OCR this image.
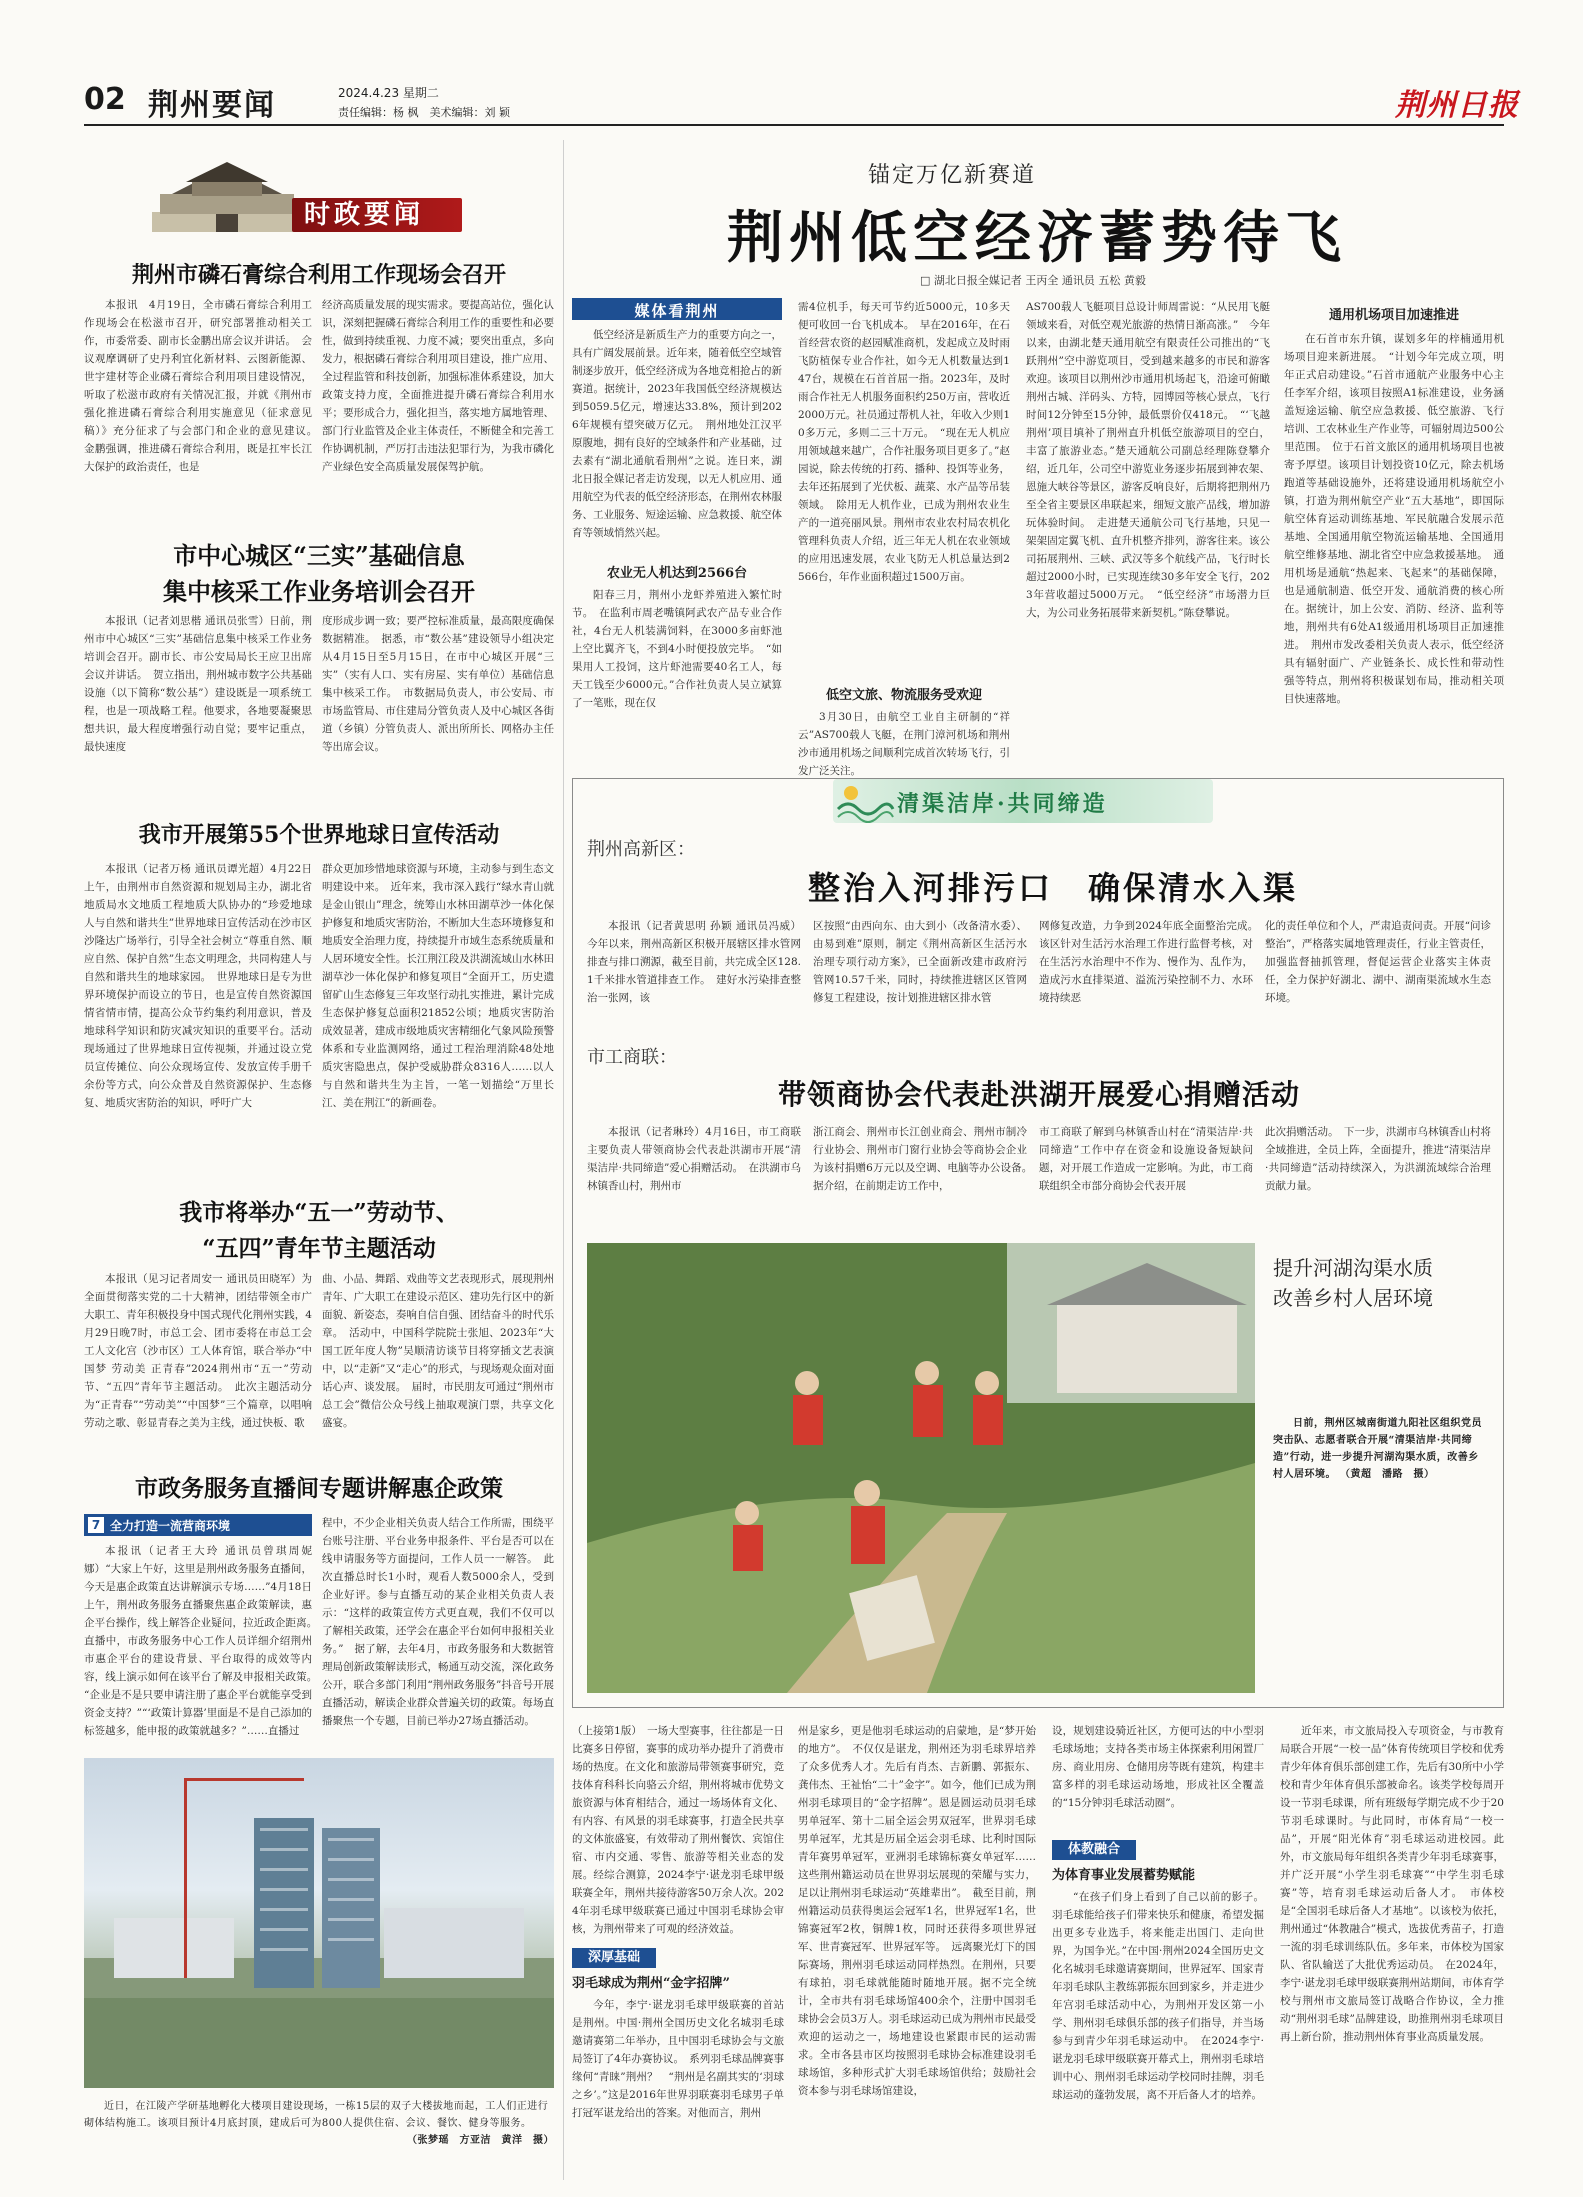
02 荆州要闻	2024.4.23 星期二
责任编辑：杨 枫　美术编辑：刘 颖	荆州日报
时政要闻
荆州市磷石膏综合利用工作现场会召开

本报讯　4月19日，全市磷石膏综合利用工作现场会在松滋市召开，研究部署推动相关工作，市委常委、副市长金鹏出席会议并讲话。　会议观摩调研了史丹利宜化新材料、云图新能源、世宇建材等企业磷石膏综合利用项目建设情况，听取了松滋市政府有关情况汇报，并就《荆州市强化推进磷石膏综合利用实施意见（征求意见稿）》充分征求了与会部门和企业的意见建议。　金鹏强调，推进磷石膏综合利用，既是扛牢长江大保护的政治责任，也是

经济高质量发展的现实需求。要提高站位，强化认识，深刻把握磷石膏综合利用工作的重要性和必要性，做到持续重视、力度不减；要突出重点，多向发力，根据磷石膏综合利用项目建设，推广应用、全过程监管和科技创新，加强标准体系建设，加大政策支持力度，全面推进提升磷石膏综合利用水平；要形成合力，强化担当，落实地方属地管理、部门行业监管及企业主体责任，不断健全和完善工作协调机制，严厉打击违法犯罪行为，为我市磷化产业绿色安全高质量发展保驾护航。

市中心城区“三实”基础信息
集中核采工作业务培训会召开

本报讯（记者刘思楷 通讯员张雪）日前，荆州市中心城区“三实”基础信息集中核采工作业务培训会召开。副市长、市公安局局长王应卫出席会议并讲话。　贺立指出，荆州城市数字公共基础设施（以下简称“数公基”）建设既是一项系统工程，也是一项战略工程。他要求，各地要凝聚思想共识，最大程度增强行动自觉；要牢记重点，最快速度

度形成步调一致；要严控标准质量，最高限度确保数据精准。　据悉，市“数公基”建设领导小组决定从4月15日至5月15日，在市中心城区开展“三实”（实有人口、实有房屋、实有单位）基础信息集中核采工作。　市数据局负责人，市公安局、市市场监管局、市住建局分管负责人及中心城区各街道（乡镇）分管负责人、派出所所长、网格办主任等出席会议。

我市开展第55个世界地球日宣传活动

本报讯（记者万杨 通讯员谭光超）4月22日上午，由荆州市自然资源和规划局主办，湖北省地质局水文地质工程地质大队协办的“珍爱地球 人与自然和谐共生”世界地球日宣传活动在沙市区沙隆达广场举行，引导全社会树立“尊重自然、顺应自然、保护自然”生态文明理念，共同构建人与自然和谐共生的地球家园。　世界地球日是专为世界环境保护而设立的节日，也是宣传自然资源国情省情市情，提高公众节约集约利用意识，普及地球科学知识和防灾减灾知识的重要平台。活动现场通过了世界地球日宣传视频，并通过设立党员宣传摊位、向公众现场宣传、发放宣传手册千余份等方式，向公众普及自然资源保护、生态修复、地质灾害防治的知识，呼吁广大

群众更加珍惜地球资源与环境，主动参与到生态文明建设中来。　近年来，我市深入践行“绿水青山就是金山银山”理念，统筹山水林田湖草沙一体化保护修复和地质灾害防治，不断加大生态环境修复和地质安全治理力度，持续提升市域生态系统质量和人居环境安全性。长江荆江段及洪湖流域山水林田湖草沙一体化保护和修复项目“全面开工，历史遗留矿山生态修复三年攻坚行动扎实推进，累计完成生态保护修复总面积21852公顷；地质灾害防治成效显著，建成市级地质灾害精细化气象风险预警体系和专业监测网络，通过工程治理消除48处地质灾害隐患点，保护受威胁群众8316人……以人与自然和谐共生为主旨，一笔一划描绘“万里长江、美在荆江”的新画卷。

我市将举办“五一”劳动节、
“五四”青年节主题活动

本报讯（见习记者周安一 通讯员田晓军）为全面贯彻落实党的二十大精神，团结带领全市广大职工、青年积极投身中国式现代化荆州实践，4月29日晚7时，市总工会、团市委将在市总工会工人文化宫（沙市区）工人体育馆，联合举办“中国梦 劳动美 正青春”2024荆州市“五一”劳动节、“五四”青年节主题活动。　此次主题活动分为“正青春”“劳动美”“中国梦”三个篇章，以唱响劳动之歌、彰显青春之美为主线，通过快板、歌

曲、小品、舞蹈、戏曲等文艺表现形式，展现荆州青年、广大职工在建设示范区、建功先行区中的新面貌、新姿态，奏响自信自强、团结奋斗的时代乐章。　活动中，中国科学院院士张旭、2023年“大国工匠年度人物”吴顺清访谈节目将穿插文艺表演中，以“走新”又“走心”的形式，与现场观众面对面话心声、谈发展。　届时，市民朋友可通过“荆州市总工会”微信公众号线上抽取观演门票，共享文化盛宴。

市政务服务直播间专题讲解惠企政策
7 全力打造一流营商环境

本报讯（记者王大玲 通讯员曾琪周妮娜）“大家上午好，这里是荆州政务服务直播间，今天是惠企政策直达讲解演示专场……”4月18日上午，荆州政务服务直播聚焦惠企政策解读，惠企平台操作，线上解答企业疑问，拉近政企距离。　直播中，市政务服务中心工作人员详细介绍荆州市惠企平台的建设背景、平台取得的成效等内容，线上演示如何在该平台了解及申报相关政策。　“企业是不是只要申请注册了惠企平台就能享受到资金支持？”“‘政策计算器’里面是不是自己添加的标签越多，能申报的政策就越多？”……直播过

程中，不少企业相关负责人结合工作所需，围绕平台账号注册、平台业务申报条件、平台是否可以在线申请服务等方面提问，工作人员一一解答。　此次直播总时长1小时，观看人数5000余人，受到企业好评。参与直播互动的某企业相关负责人表示：“这样的政策宣传方式更直观，我们不仅可以了解相关政策，还学会在惠企平台如何申报相关业务。”　据了解，去年4月，市政务服务和大数据管理局创新政策解读形式，畅通互动交流，深化政务公开，联合多部门利用“荆州政务服务”抖音号开展直播活动，解读企业群众普遍关切的政策。每场直播聚焦一个专题，目前已举办27场直播活动。

近日，在江陵产学研基地孵化大楼项目建设现场，一栋15层的双子大楼拔地而起，工人们正进行砌体结构施工。该项目预计4月底封顶，建成后可为800人提供住宿、会议、餐饮、健身等服务。
（张梦瑶　方亚洁　黄洋　摄）
锚定万亿新赛道
荆州低空经济蓄势待飞
□ 湖北日报全媒记者 王丙全 通讯员 五松 黄毅
媒体看荆州

低空经济是新质生产力的重要方向之一，具有广阔发展前景。近年来，随着低空空域管制逐步放开，低空经济成为各地竞相抢占的新赛道。据统计，2023年我国低空经济规模达到5059.5亿元，增速达33.8%，预计到2026年规模有望突破万亿元。　荆州地处江汉平原腹地，拥有良好的空域条件和产业基础，过去素有“湖北通航看荆州”之说。连日来，湖北日报全媒记者走访发现，以无人机应用、通用航空为代表的低空经济形态，在荆州农林服务、工业服务、短途运输、应急救援、航空体育等领域悄然兴起。

农业无人机达到2566台

阳春三月，荆州小龙虾养殖进入繁忙时节。　在监利市周老嘴镇阿武农产品专业合作社，4台无人机装满饲料，在3000多亩虾池上空比翼齐飞，不到4小时便投放完毕。　“如果用人工投饲，这片虾池需要40名工人，每天工钱至少6000元。”合作社负责人吴立斌算了一笔账，现在仅

需4位机手，每天可节约近5000元，10多天便可收回一台飞机成本。　早在2016年，在石首经营农资的赵园赋准商机，发起成立及时雨飞防植保专业合作社，如今无人机数量达到147台，规模在石首首屈一指。2023年，及时雨合作社无人机服务面积约250万亩，营收近2000万元。社员通过帮机人社，年收入少则10多万元，多则二三十万元。　“现在无人机应用领域越来越广，合作社服务项目更多了。”赵园说，除去传统的打药、播种、投饵等业务，去年还拓展到了光伏板、蔬菜、水产品等吊装领域。　除用无人机作业，已成为荆州农业生产的一道亮丽风景。荆州市农业农村局农机化管理科负责人介绍，近三年无人机在农业领域的应用迅速发展，农业飞防无人机总量达到2566台，年作业面积超过1500万亩。

低空文旅、物流服务受欢迎

3月30日，由航空工业自主研制的“祥云”AS700载人飞艇，在荆门漳河机场和荆州沙市通用机场之间顺利完成首次转场飞行，引发广泛关注。

AS700载人飞艇项目总设计师周雷说：“从民用飞艇领域来看，对低空观光旅游的热情日渐高涨。”　今年以来，由湖北楚天通用航空有限责任公司推出的“飞跃荆州”空中游览项目，受到越来越多的市民和游客欢迎。该项目以荆州沙市通用机场起飞，沿途可俯瞰荆州古城、洋码头、方特，园博园等核心景点，飞行时间12分钟至15分钟，最低票价仅418元。　“‘飞越荆州’项目填补了荆州直升机低空旅游项目的空白，丰富了旅游业态。”楚天通航公司副总经理陈登攀介绍，近几年，公司空中游览业务逐步拓展到神农架、恩施大峡谷等景区，游客反响良好，后期将把荆州乃至全省主要景区串联起来，细短文旅产品线，增加游玩体验时间。　走进楚天通航公司飞行基地，只见一架架固定翼飞机、直升机整齐排列，游客往来。该公司拓展荆州、三峡、武汉等多个航线产品，飞行时长超过2000小时，已实现连续30多年安全飞行，2023年营收超过5000万元。　“低空经济”市场潜力巨大，为公司业务拓展带来新契机。”陈登攀说。

通用机场项目加速推进

在石首市东升镇，谋划多年的梓楠通用机场项目迎来新进展。　“计划今年完成立项，明年正式启动建设。”石首市通航产业服务中心主任李军介绍，该项目按照A1标准建设，业务涵盖短途运输、航空应急救援、低空旅游、飞行培训、工农林业生产作业等，可辐射周边500公里范围。　位于石首文旅区的通用机场项目也被寄予厚望。该项目计划投资10亿元，除去机场跑道等基础设施外，还将建设通用机场航空小镇，打造为荆州航空产业“五大基地”，即国际航空体育运动训练基地、军民航融合发展示范基地、全国通用航空物流运输基地、全国通用航空维修基地、湖北省空中应急救援基地。　通用机场是通航“热起来、飞起来”的基础保障，也是通航制造、低空开发、通航消费的核心所在。据统计，加上公安、消防、经济、监利等地，荆州共有6处A1级通用机场项目正加速推进。　荆州市发改委相关负责人表示，低空经济具有辐射面广、产业链条长、成长性和带动性强等特点，荆州将积极谋划布局，推动相关项目快速落地。

清渠洁岸·共同缔造
荆州高新区：
整治入河排污口　确保清水入渠

本报讯（记者黄思明 孙颖 通讯员冯威）今年以来，荆州高新区积极开展辖区排水管网排查与排口溯源，截至目前，共完成全区128.1千米排水管道排查工作。　建好水污染排查整治一张网，该

区按照“由西向东、由大到小（改备清水委）、由易到难”原则，制定《荆州高新区生活污水治理专项行动方案》，已全面新改建市政府污管网10.57千米，同时，持续推进辖区区管网修复工程建设，按计划推进辖区排水管

网修复改造，力争到2024年底全面整治完成。　该区针对生活污水治理工作进行监督考核，对在生活污水治理中不作为、慢作为、乱作为，造成污水直排渠道、溢流污染控制不力、水环境持续恶

化的责任单位和个人，严肃追责问责。开展“问诊整治”，严格落实属地管理责任，行业主管责任，加强监督抽抓管理，督促运营企业落实主体责任，全力保护好湖北、湖中、湖南渠流域水生态环境。

市工商联：
带领商协会代表赴洪湖开展爱心捐赠活动

本报讯（记者琳玲）4月16日，市工商联主要负责人带领商协会代表赴洪湖市开展“清渠洁岸·共同缔造”爱心捐赠活动。　在洪湖市乌林镇香山村，荆州市

浙江商会、荆州市长江创业商会、荆州市制冷行业协会、荆州市门窗行业协会等商协会企业为该村捐赠6万元以及空调、电脑等办公设备。　据介绍，在前期走访工作中，

市工商联了解到乌林镇香山村在“清渠洁岸·共同缔造”工作中存在资金和设施设备短缺问题，对开展工作造成一定影响。为此，市工商联组织全市部分商协会代表开展

此次捐赠活动。　下一步，洪湖市乌林镇香山村将全域推进，全员上阵，全面提升，推进“清渠洁岸·共同缔造”活动持续深入，为洪湖流域综合治理贡献力量。

提升河湖沟渠水质
改善乡村人居环境
日前，荆州区城南街道九阳社区组织党员突击队、志愿者联合开展“清渠洁岸·共同缔造”行动，进一步提升河湖沟渠水质，改善乡村人居环境。 （黄超　潘路　摄）

（上接第1版）　一场大型赛事，往往都是一日比赛多日停留，赛事的成功举办提升了消费市场的热度。在文化和旅游局带领赛事研究，竞技体育科科长向骆云介绍，荆州将城市优势文旅资源与体育相结合，通过一场场体育文化、有内容、有风景的羽毛球赛事，打造全民共享的文体旅盛宴，有效带动了荆州餐饮、宾馆住宿、市内交通、零售、旅游等相关业态的发展。经综合测算，2024李宁·谌龙羽毛球甲级联赛全年，荆州共接待游客50万余人次。2024年羽毛球甲级联赛已通过中国羽毛球协会审核，为荆州带来了可观的经济效益。

深厚基础
羽毛球成为荆州“金字招牌”

今年，李宁·谌龙羽毛球甲级联赛的首站是荆州。中国·荆州全国历史文化名城羽毛球邀请赛第二年举办，且中国羽毛球协会与文旅局签订了4年办赛协议。　系列羽毛球品牌赛事缘何“青睐”荆州？　“荆州是名副其实的‘羽球之乡’。”这是2016年世界羽联赛羽毛球男子单打冠军谌龙给出的答案。对他而言，荆州

州是家乡，更是他羽毛球运动的启蒙地，是“梦开始的地方”。　不仅仅是谌龙，荆州还为羽毛球界培养了众多优秀人才。先后有肖杰、吉新鹏、郭振东、龚伟杰、王祉怡“二十”金字”。如今，他们已成为荆州羽毛球项目的“金字招牌”。恩是圆运动员羽毛球男单冠军、第十二届全运会男双冠军，世界羽毛球男单冠军，尤其是历届全运会羽毛球、比利时国际青年赛男单冠军，亚洲羽毛球锦标赛女单冠军……这些荆州籍运动员在世界羽坛展现的荣耀与实力，足以让荆州羽毛球运动“英雄辈出”。　截至目前，荆州籍运动员获得奥运会冠军1名，世界冠军1名，世锦赛冠军2枚，铜牌1枚，同时还获得多项世界冠军、世青赛冠军、世界冠军等。　远离聚光灯下的国际赛场，荆州羽毛球运动同样热烈。在荆州，只要有球拍，羽毛球就能随时随地开展。据不完全统计，全市共有羽毛球场馆400余个，注册中国羽毛球协会会员3万人。羽毛球运动已成为荆州市民最受欢迎的运动之一，场地建设也紧跟市民的运动需求。全市各县市区均按照羽毛球协会标准建设羽毛球场馆，多种形式扩大羽毛球场馆供给；鼓励社会资本参与羽毛球场馆建设，

设，规划建设骑近社区，方便可达的中小型羽毛球场地；支持各类市场主体探索利用闲置厂房、商业用房、仓储用房等既有建筑，构建丰富多样的羽毛球运动场地，形成社区全覆盖的“15分钟羽毛球活动圈”。

体教融合
为体育事业发展蓄势赋能

“在孩子们身上看到了自己以前的影子。羽毛球能给孩子们带来快乐和健康，希望发掘出更多专业选手，将来能走出国门、走向世界，为国争光。”在中国·荆州2024全国历史文化名城羽毛球邀请赛期间，世界冠军、国家青年羽毛球队主教练郭振东回到家乡，并走进少年宫羽毛球活动中心，为荆州开发区第一小学、荆州羽毛球俱乐部的孩子们指导，并当场参与到青少年羽毛球运动中。　在2024李宁·谌龙羽毛球甲级联赛开幕式上，荆州羽毛球培训中心、荆州羽毛球运动学校同时挂牌，羽毛球运动的蓬勃发展，离不开后备人才的培养。

近年来，市文旅局投入专项资金，与市教育局联合开展“一校一品”体育传统项目学校和优秀青少年体育俱乐部创建工作，先后有30所中小学校和青少年体育俱乐部被命名。该类学校每周开设一节羽毛球课，所有班级每学期完成不少于20节羽毛球课时。与此同时，市体育局“一校一品”，开展“阳光体育”羽毛球运动进校园。此外，市文旅局每年组织各类青少年羽毛球赛事，并广泛开展“小学生羽毛球赛”“中学生羽毛球赛”等，培育羽毛球运动后备人才。　市体校是“全国羽毛球后备人才基地”。以该校为依托，荆州通过“体教融合”模式，选拔优秀苗子，打造一流的羽毛球训练队伍。多年来，市体校为国家队、省队输送了大批优秀运动员。　在2024年，李宁·谌龙羽毛球甲级联赛荆州站期间，市体育学校与荆州市文旅局签订战略合作协议，全力推动“荆州羽毛球”品牌建设，助推荆州羽毛球项目再上新台阶，推动荆州体育事业高质量发展。
